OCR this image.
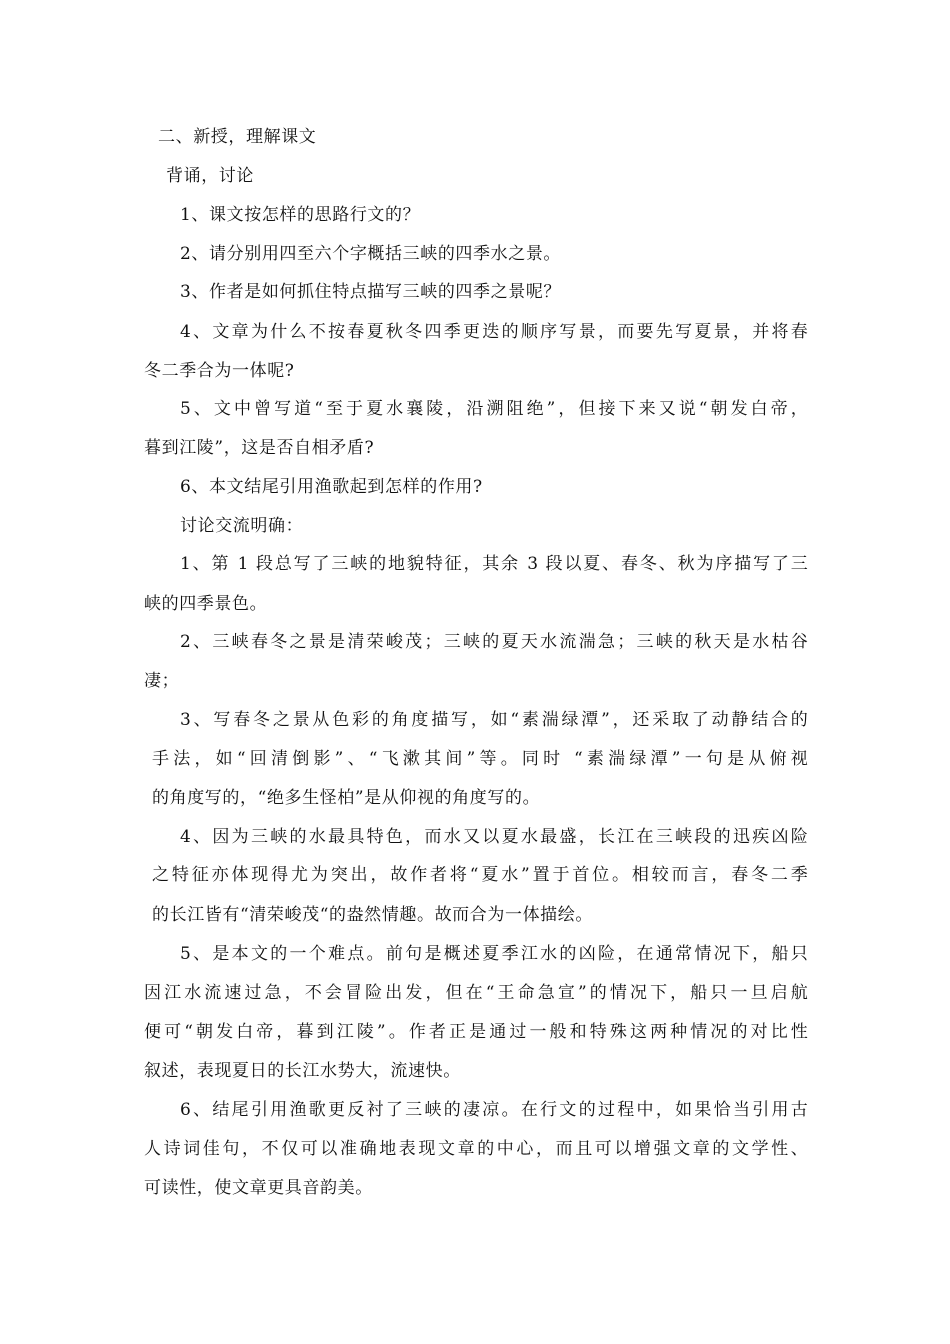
二、新授，理解课文
背诵，讨论
1、课文按怎样的思路行文的？
2、请分别用四至六个字概括三峡的四季水之景。
3、作者是如何抓住特点描写三峡的四季之景呢？
4、文章为什么不按春夏秋冬四季更迭的顺序写景，而要先写夏景，并将春
冬二季合为一体呢?
5、文中曾写道“至于夏水襄陵，沿溯阻绝”，但接下来又说“朝发白帝，
暮到江陵”，这是否自相矛盾?
6、本文结尾引用渔歌起到怎样的作用?
讨论交流明确：
1、第 1 段总写了三峡的地貌特征，其余 3 段以夏、春冬、秋为序描写了三
峡的四季景色。
2、三峡春冬之景是清荣峻茂；三峡的夏天水流湍急；三峡的秋天是水枯谷
凄；
3、写春冬之景从色彩的角度描写，如“素湍绿潭”，还采取了动静结合的
手法，如“回清倒影”、“飞漱其间”等。同时 “素湍绿潭”一句是从俯视
的角度写的，“绝多生怪柏”是从仰视的角度写的。
4、因为三峡的水最具特色，而水又以夏水最盛，长江在三峡段的迅疾凶险
之特征亦体现得尤为突出，故作者将“夏水”置于首位。相较而言，春冬二季
的长江皆有“清荣峻茂“的盎然情趣。故而合为一体描绘。
5、是本文的一个难点。前句是概述夏季江水的凶险，在通常情况下，船只
因江水流速过急，不会冒险出发，但在“王命急宣”的情况下，船只一旦启航
便可“朝发白帝，暮到江陵”。作者正是通过一般和特殊这两种情况的对比性
叙述，表现夏日的长江水势大，流速快。
6、结尾引用渔歌更反衬了三峡的凄凉。在行文的过程中，如果恰当引用古
人诗词佳句，不仅可以准确地表现文章的中心，而且可以增强文章的文学性、
可读性，使文章更具音韵美。
